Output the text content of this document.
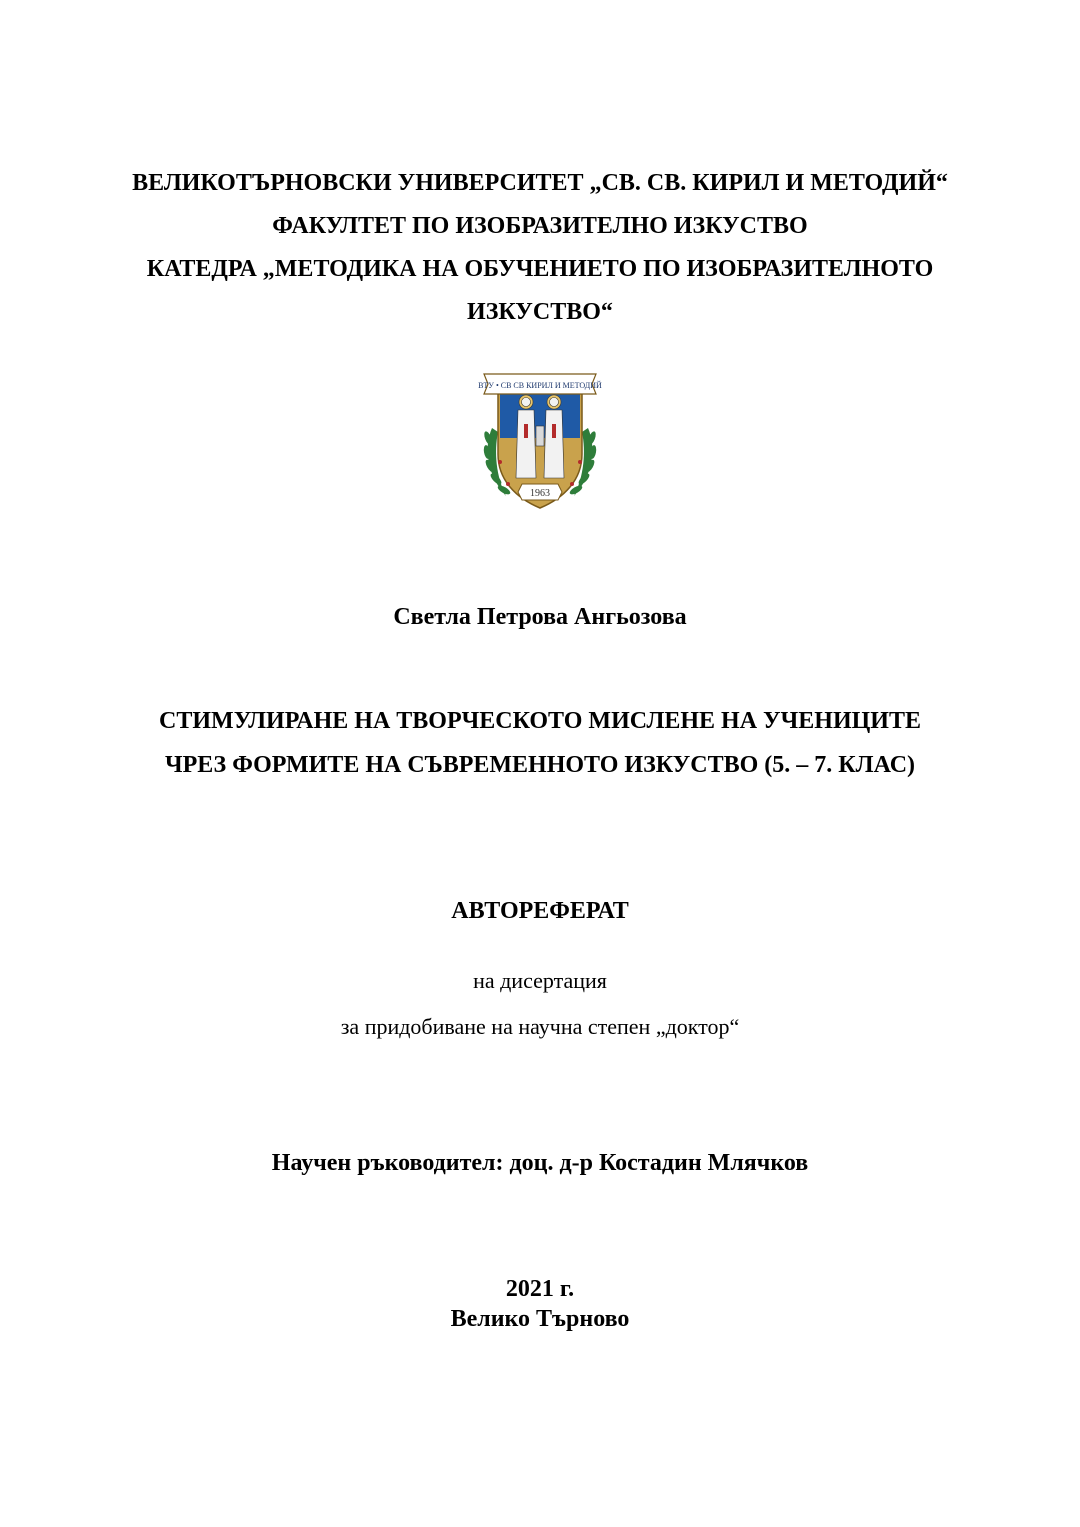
ВЕЛИКОТЪРНОВСКИ УНИВЕРСИТЕТ „СВ. СВ. КИРИЛ И МЕТОДИЙ“
ФАКУЛТЕТ ПО ИЗОБРАЗИТЕЛНО ИЗКУСТВО
КАТЕДРА „МЕТОДИКА НА ОБУЧЕНИЕТО ПО ИЗОБРАЗИТЕЛНОТО
ИЗКУСТВО“
ВТУ • СВ СВ КИРИЛ И МЕТОДИЙ
1963
Светла Петрова Ангьозова
СТИМУЛИРАНЕ НА ТВОРЧЕСКОТО МИСЛЕНЕ НА УЧЕНИЦИТЕ
ЧРЕЗ ФОРМИТЕ НА СЪВРЕМЕННОТО ИЗКУСТВО (5. – 7. КЛАС)
АВТОРЕФЕРАТ
на дисертация
за придобиване на научна степен „доктор“
Научен ръководител: доц. д-р Костадин Млячков
2021 г.
Велико Търново
